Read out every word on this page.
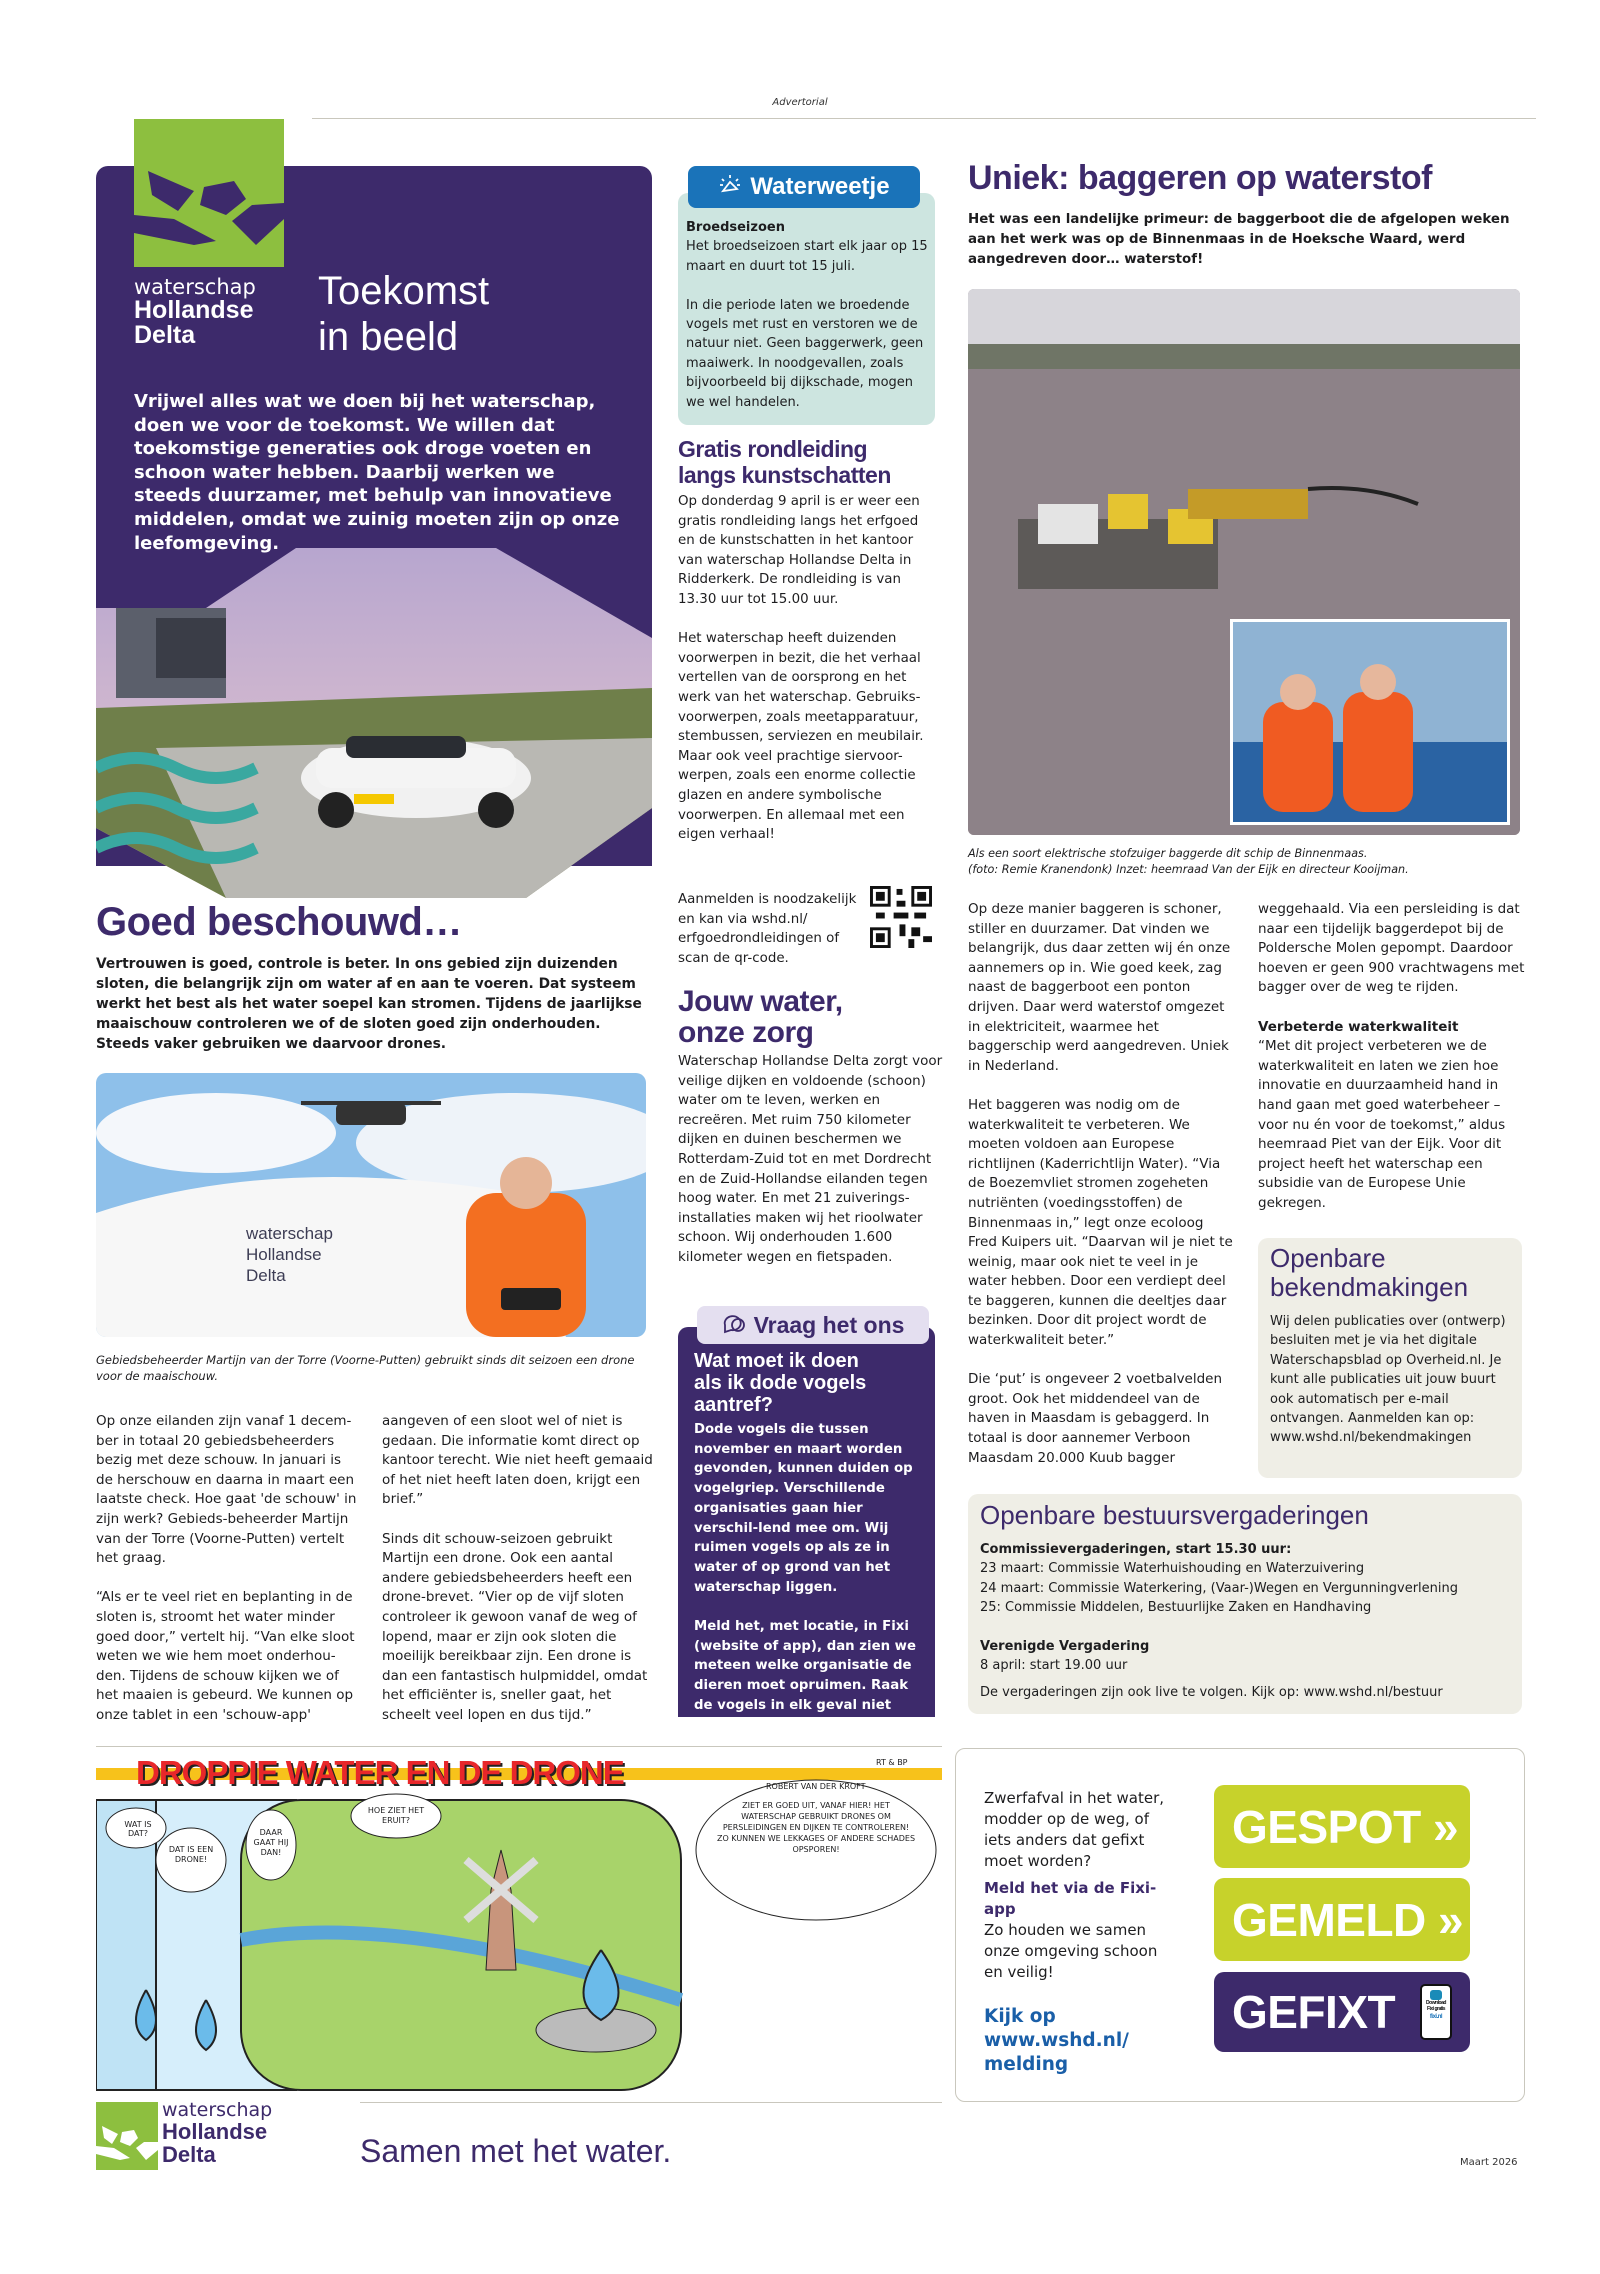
Advertorial
waterschap
Hollandse
Delta
Toekomst
in beeld
Vrijwel alles wat we doen bij het waterschap, doen we voor de toekomst. We willen dat toekomstige generaties ook droge voeten en schoon water hebben. Daarbij werken we steeds duurzamer, met behulp van innovatieve middelen, omdat we zuinig moeten zijn op onze leefomgeving.
Goed beschouwd…
Vertrouwen is goed, controle is beter. In ons gebied zijn duizenden sloten, die belangrijk zijn om water af en aan te voeren. Dat systeem werkt het best als het water soepel kan stromen. Tijdens de jaarlijkse maaischouw controleren we of de sloten goed zijn onderhouden. Steeds vaker gebruiken we daarvoor drones.
waterschap
Hollandse
Delta
Gebiedsbeheerder Martijn van der Torre (Voorne-Putten) gebruikt sinds dit seizoen een drone voor de maaischouw.
Op onze eilanden zijn vanaf 1 decem-ber in totaal 20 gebiedsbeheerders bezig met deze schouw. In januari is de herschouw en daarna in maart een laatste check. Hoe gaat 'de schouw' in zijn werk? Gebieds-beheerder Martijn van der Torre (Voorne-Putten) vertelt het graag.

“Als er te veel riet en beplanting in de sloten is, stroomt het water minder goed door,” vertelt hij. “Van elke sloot weten we wie hem moet onderhou-den. Tijdens de schouw kijken we of het maaien is gebeurd. We kunnen op onze tablet in een 'schouw-app'
aangeven of een sloot wel of niet is gedaan. Die informatie komt direct op kantoor terecht. Wie niet heeft gemaaid of het niet heeft laten doen, krijgt een brief.”

Sinds dit schouw-seizoen gebruikt Martijn een drone. Ook een aantal andere gebiedsbeheerders heeft een drone-brevet. “Vier op de vijf sloten controleer ik gewoon vanaf de weg of lopend, maar er zijn ook sloten die moeilijk bereikbaar zijn. Een drone is dan een fantastisch hulpmiddel, omdat het efficiënter is, sneller gaat, het scheelt veel lopen en dus tijd.”
Waterweetje
Broedseizoen
Het broedseizoen start elk jaar op 15 maart en duurt tot 15 juli.

In die periode laten we broedende vogels met rust en verstoren we de natuur niet. Geen baggerwerk, geen maaiwerk. In noodgevallen, zoals bijvoorbeeld bij dijkschade, mogen we wel handelen.
Gratis rondleiding
langs kunstschatten
Op donderdag 9 april is er weer een gratis rondleiding langs het erfgoed en de kunstschatten in het kantoor van waterschap Hollandse Delta in Ridderkerk. De rondleiding is van 13.30 uur tot 15.00 uur.

Het waterschap heeft duizenden voorwerpen in bezit, die het verhaal vertellen van de oorsprong en het werk van het waterschap. Gebruiks-voorwerpen, zoals meetapparatuur, stembussen, serviezen en meubilair. Maar ook veel prachtige siervoor-werpen, zoals een enorme collectie glazen en andere symbolische voorwerpen. En allemaal met een eigen verhaal!
Aanmelden is noodzakelijk en kan via wshd.nl/ erfgoedrondleidingen of scan de qr-code.
Jouw water,
onze zorg
Waterschap Hollandse Delta zorgt voor veilige dijken en voldoende (schoon) water om te leven, werken en recreëren. Met ruim 750 kilometer dijken en duinen beschermen we Rotterdam-Zuid tot en met Dordrecht en de Zuid-Hollandse eilanden tegen hoog water. En met 21 zuiverings-installaties maken wij het rioolwater schoon. Wij onderhouden 1.600 kilometer wegen en fietspaden.
Vraag het ons
Wat moet ik doen
als ik dode vogels
aantref?
Dode vogels die tussen november en maart worden gevonden, kunnen duiden op vogelgriep. Verschillende organisaties gaan hier verschil-lend mee om. Wij ruimen vogels op als ze in water of op grond van het waterschap liggen.

Meld het, met locatie, in Fixi (website of app), dan zien we meteen welke organisatie de dieren moet opruimen. Raak de vogels in elk geval niet aan.
Uniek: baggeren op waterstof
Het was een landelijke primeur: de baggerboot die de afgelopen weken aan het werk was op de Binnenmaas in de Hoeksche Waard, werd aangedreven door… waterstof!
Als een soort elektrische stofzuiger baggerde dit schip de Binnenmaas.
(foto: Remie Kranendonk) Inzet: heemraad Van der Eijk en directeur Kooijman.
Op deze manier baggeren is schoner, stiller en duurzamer. Dat vinden we belangrijk, dus daar zetten wij én onze aannemers op in. Wie goed keek, zag naast de baggerboot een ponton drijven. Daar werd waterstof omgezet in elektriciteit, waarmee het baggerschip werd aangedreven. Uniek in Nederland.

Het baggeren was nodig om de waterkwaliteit te verbeteren. We moeten voldoen aan Europese richtlijnen (Kaderrichtlijn Water). “Via de Boezemvliet stromen zogeheten nutriënten (voedingsstoffen) de Binnenmaas in,” legt onze ecoloog Fred Kuipers uit. “Daarvan wil je niet te weinig, maar ook niet te veel in je water hebben. Door een verdiept deel te baggeren, kunnen die deeltjes daar bezinken. Door dit project wordt de waterkwaliteit beter.”

Die ‘put’ is ongeveer 2 voetbalvelden groot. Ook het middendeel van de haven in Maasdam is gebaggerd. In totaal is door aannemer Verboon Maasdam 20.000 Kuub bagger
weggehaald. Via een persleiding is dat naar een tijdelijk baggerdepot bij de Poldersche Molen gepompt. Daardoor hoeven er geen 900 vrachtwagens met bagger over de weg te rijden.

Verbeterde waterkwaliteit
“Met dit project verbeteren we de waterkwaliteit en laten we zien hoe innovatie en duurzaamheid hand in hand gaan met goed waterbeheer – voor nu én voor de toekomst,” aldus heemraad Piet van der Eijk. Voor dit project heeft het waterschap een subsidie van de Europese Unie gekregen.
Openbare
bekendmakingen
Wij delen publicaties over (ontwerp) besluiten met je via het digitale Waterschapsblad op Overheid.nl. Je kunt alle publicaties uit jouw buurt ook automatisch per e-mail ontvangen. Aanmelden kan op: www.wshd.nl/bekendmakingen
Openbare bestuursvergaderingen
Commissievergaderingen, start 15.30 uur:
23 maart: Commissie Waterhuishouding en Waterzuivering
24 maart: Commissie Waterkering, (Vaar-)Wegen en Vergunningverlening
25: Commissie Middelen, Bestuurlijke Zaken en Handhaving
Verenigde Vergadering
8 april: start 19.00 uur
De vergaderingen zijn ook live te volgen. Kijk op: www.wshd.nl/bestuur
DROPPIE WATER EN DE DRONE	RT & BP
ROBERT VAN DER KROFT
WAT IS DAT?
DAT IS EEN DRONE!
DAAR GAAT HIJ DAN!
HOE ZIET HET ERUIT?
ZIET ER GOED UIT, VANAF HIER! HET WATERSCHAP GEBRUIKT DRONES OM PERSLEIDINGEN EN DIJKEN TE CONTROLEREN! ZO KUNNEN WE LEKKAGES OF ANDERE SCHADES OPSPOREN!
Zwerfafval in het water, modder op de weg, of iets anders dat gefixt moet worden?
Meld het via de Fixi-app
Zo houden we samen onze omgeving schoon en veilig!
Kijk op
www.wshd.nl/
melding
GESPOT »
GEMELD »
GEFIXT	Download
Fixi gratis
fixi.nl
waterschap
Hollandse
Delta	Samen met het water.	Maart 2026
